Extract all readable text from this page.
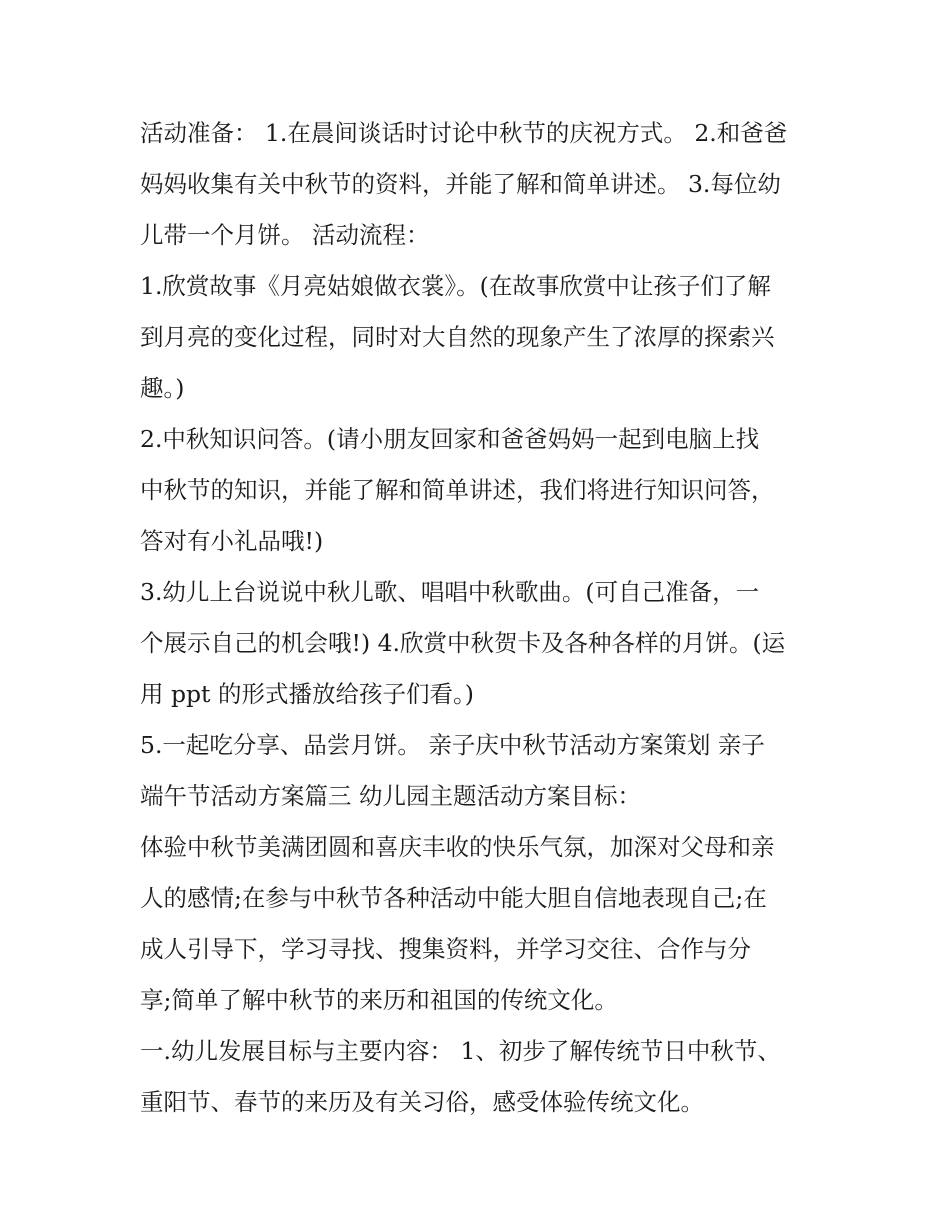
活动准备： 1.在晨间谈话时讨论中秋节的庆祝方式。 2.和爸爸
妈妈收集有关中秋节的资料，并能了解和简单讲述。 3.每位幼
儿带一个月饼。 活动流程：
1.欣赏故事《月亮姑娘做衣裳》。(在故事欣赏中让孩子们了解
到月亮的变化过程，同时对大自然的现象产生了浓厚的探索兴
趣。)
2.中秋知识问答。(请小朋友回家和爸爸妈妈一起到电脑上找
中秋节的知识，并能了解和简单讲述，我们将进行知识问答，
答对有小礼品哦!)
3.幼儿上台说说中秋儿歌、唱唱中秋歌曲。(可自己准备，一
个展示自己的机会哦!) 4.欣赏中秋贺卡及各种各样的月饼。(运
用 ppt 的形式播放给孩子们看。)
5.一起吃分享、品尝月饼。 亲子庆中秋节活动方案策划 亲子
端午节活动方案篇三 幼儿园主题活动方案目标：
体验中秋节美满团圆和喜庆丰收的快乐气氛，加深对父母和亲
人的感情;在参与中秋节各种活动中能大胆自信地表现自己;在
成人引导下，学习寻找、搜集资料，并学习交往、合作与分
享;简单了解中秋节的来历和祖国的传统文化。
一.幼儿发展目标与主要内容： 1、初步了解传统节日中秋节、
重阳节、春节的来历及有关习俗，感受体验传统文化。
